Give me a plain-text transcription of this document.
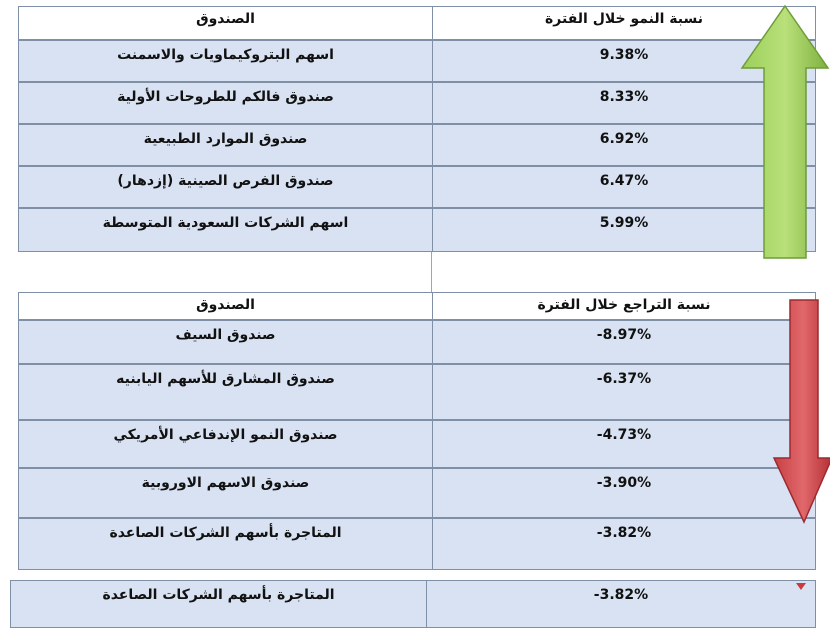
الصندوق	نسبة النمو خلال الفترة
اسهم البتروكيماويات والاسمنت	9.38%
صندوق فالكم للطروحات الأولية	8.33%
صندوق الموارد الطبيعية	6.92%
صندوق الفرص الصينية (إزدهار)	6.47%
اسهم الشركات السعودية المتوسطة	5.99%
الصندوق	نسبة التراجع خلال الفترة
صندوق السيف	-8.97%
صندوق المشارق للأسهم اليابنيه	-6.37%
صندوق النمو الإندفاعي الأمريكي	-4.73%
صندوق الاسهم الاوروبية	-3.90%
المتاجرة بأسهم الشركات الصاعدة	-3.82%
المتاجرة بأسهم الشركات الصاعدة	-3.82%
